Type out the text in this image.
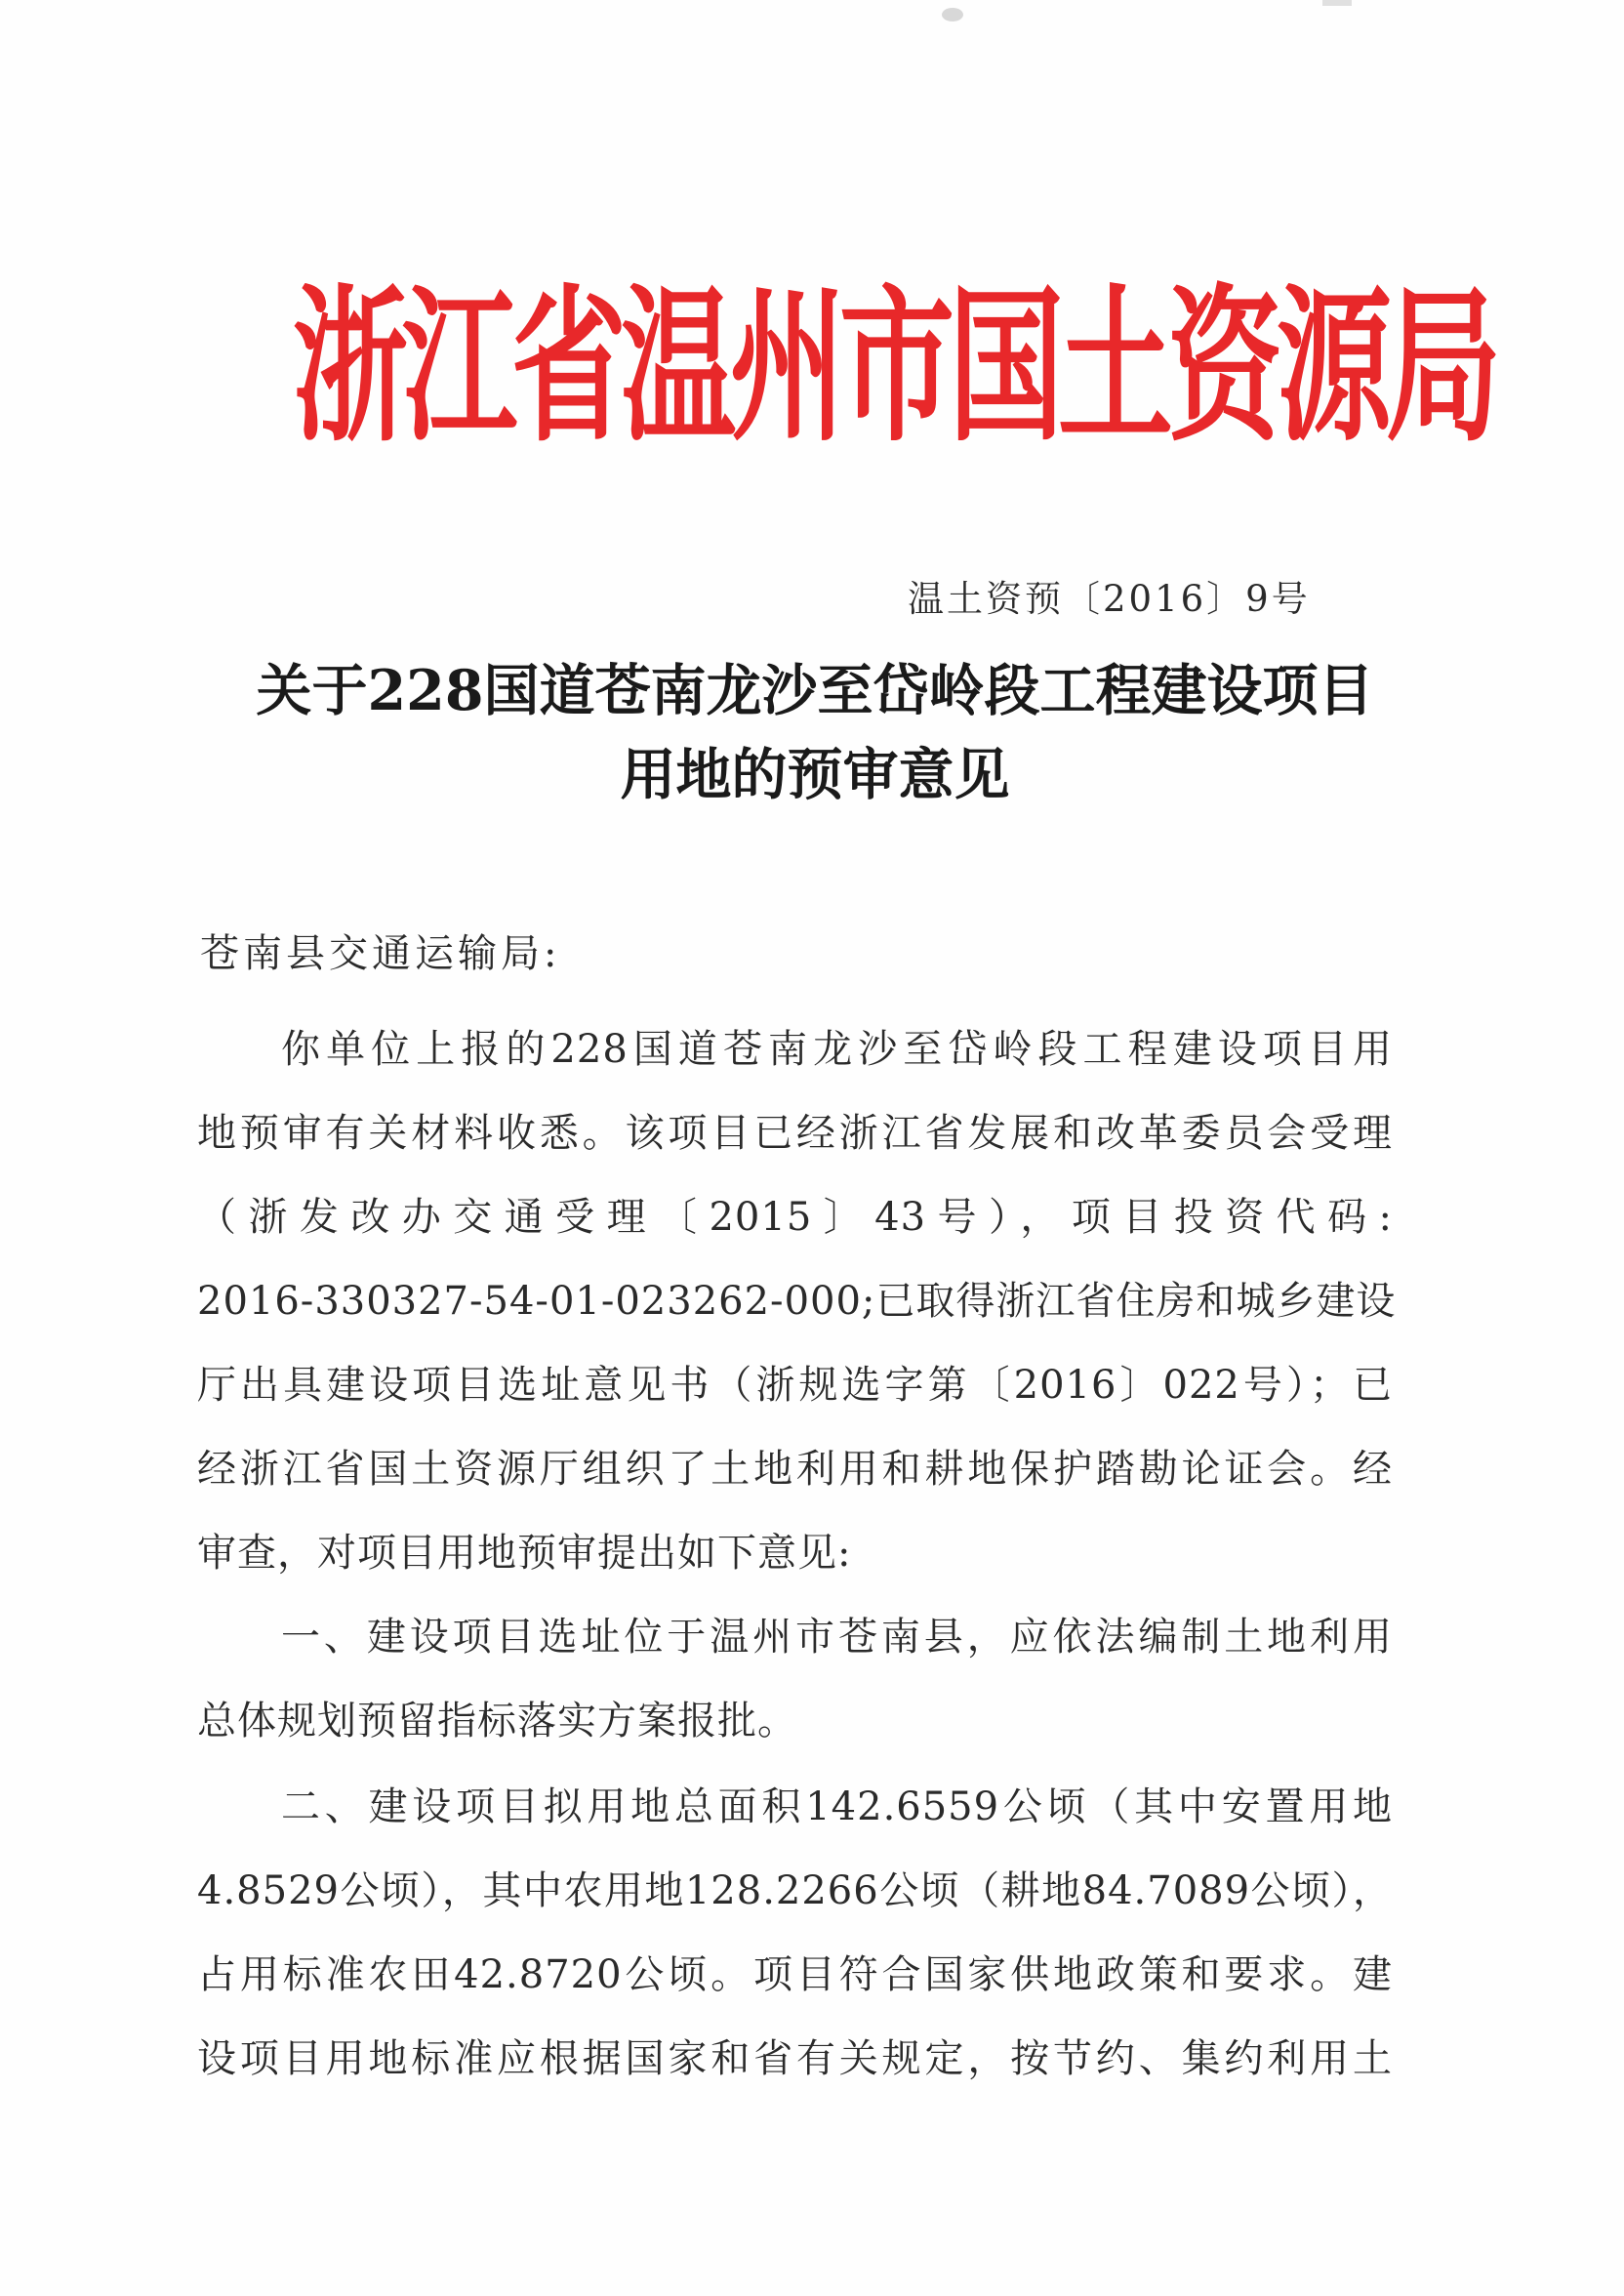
浙江省温州市国土资源局
温土资预〔2016〕9号
关于228国道苍南龙沙至岱岭段工程建设项目
用地的预审意见
苍南县交通运输局:
你单位上报的228国道苍南龙沙至岱岭段工程建设项目用
地预审有关材料收悉。该项目已经浙江省发展和改革委员会受理
（浙发改办交通受理〔2015〕43号），项目投资代码:
2016-330327-54-01-023262-000;已取得浙江省住房和城乡建设
厅出具建设项目选址意见书（浙规选字第〔2016〕022号）；已
经浙江省国土资源厅组织了土地利用和耕地保护踏勘论证会。经
审查，对项目用地预审提出如下意见:
一、建设项目选址位于温州市苍南县，应依法编制土地利用
总体规划预留指标落实方案报批。
二、建设项目拟用地总面积142.6559公顷（其中安置用地
4.8529公顷），其中农用地128.2266公顷（耕地84.7089公顷），
占用标准农田42.8720公顷。项目符合国家供地政策和要求。建
设项目用地标准应根据国家和省有关规定，按节约、集约利用土
